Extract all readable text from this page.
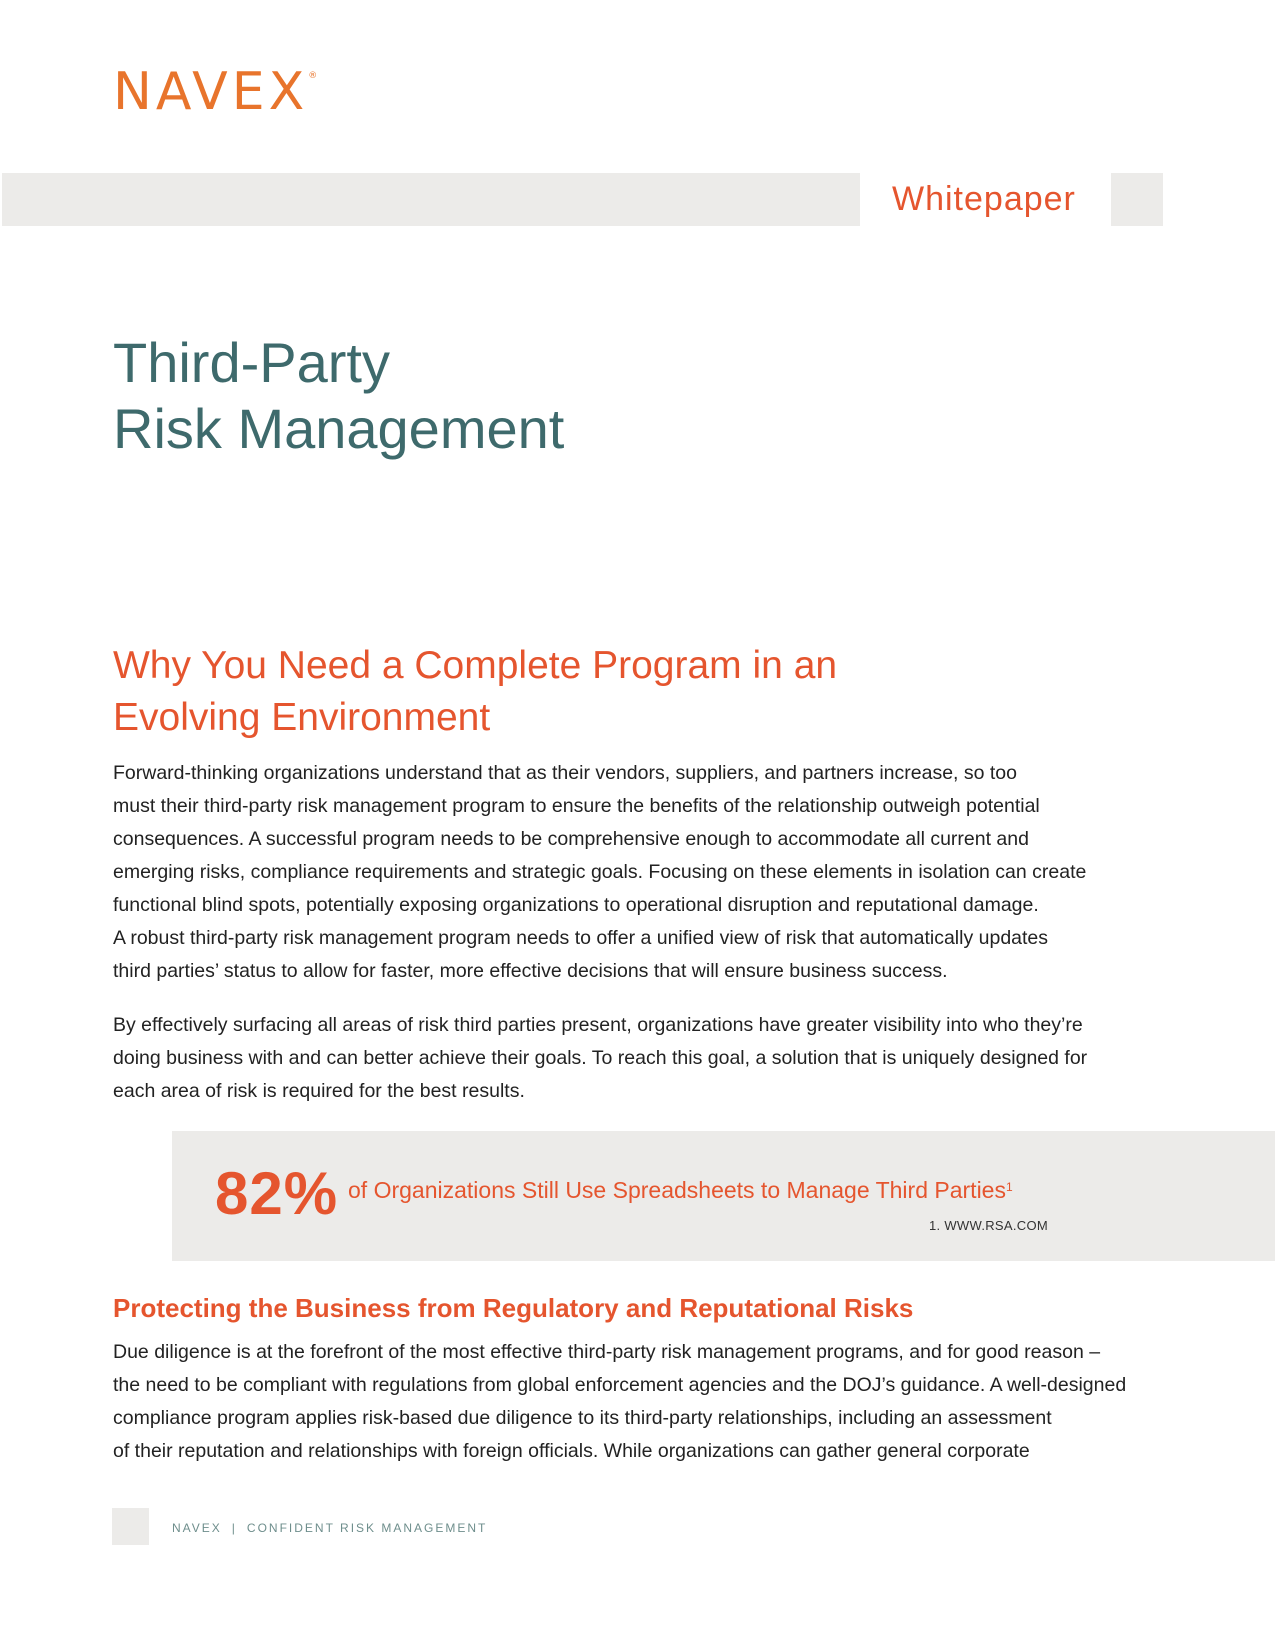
NAVEX®
Whitepaper
Third-Party
Risk Management
Why You Need a Complete Program in an
Evolving Environment

Forward-thinking organizations understand that as their vendors, suppliers, and partners increase, so too
must their third-party risk management program to ensure the benefits of the relationship outweigh potential
consequences. A successful program needs to be comprehensive enough to accommodate all current and
emerging risks, compliance requirements and strategic goals. Focusing on these elements in isolation can create
functional blind spots, potentially exposing organizations to operational disruption and reputational damage.
A robust third-party risk management program needs to offer a unified view of risk that automatically updates
third parties’ status to allow for faster, more effective decisions that will ensure business success.

By effectively surfacing all areas of risk third parties present, organizations have greater visibility into who they’re
doing business with and can better achieve their goals. To reach this goal, a solution that is uniquely designed for
each area of risk is required for the best results.

82% of Organizations Still Use Spreadsheets to Manage Third Parties$^1$
1. WWW.RSA.COM
Protecting the Business from Regulatory and Reputational Risks

Due diligence is at the forefront of the most effective third-party risk management programs, and for good reason –
the need to be compliant with regulations from global enforcement agencies and the DOJ’s guidance. A well-designed
compliance program applies risk-based due diligence to its third-party relationships, including an assessment
of their reputation and relationships with foreign officials. While organizations can gather general corporate

NAVEX | CONFIDENT RISK MANAGEMENT
